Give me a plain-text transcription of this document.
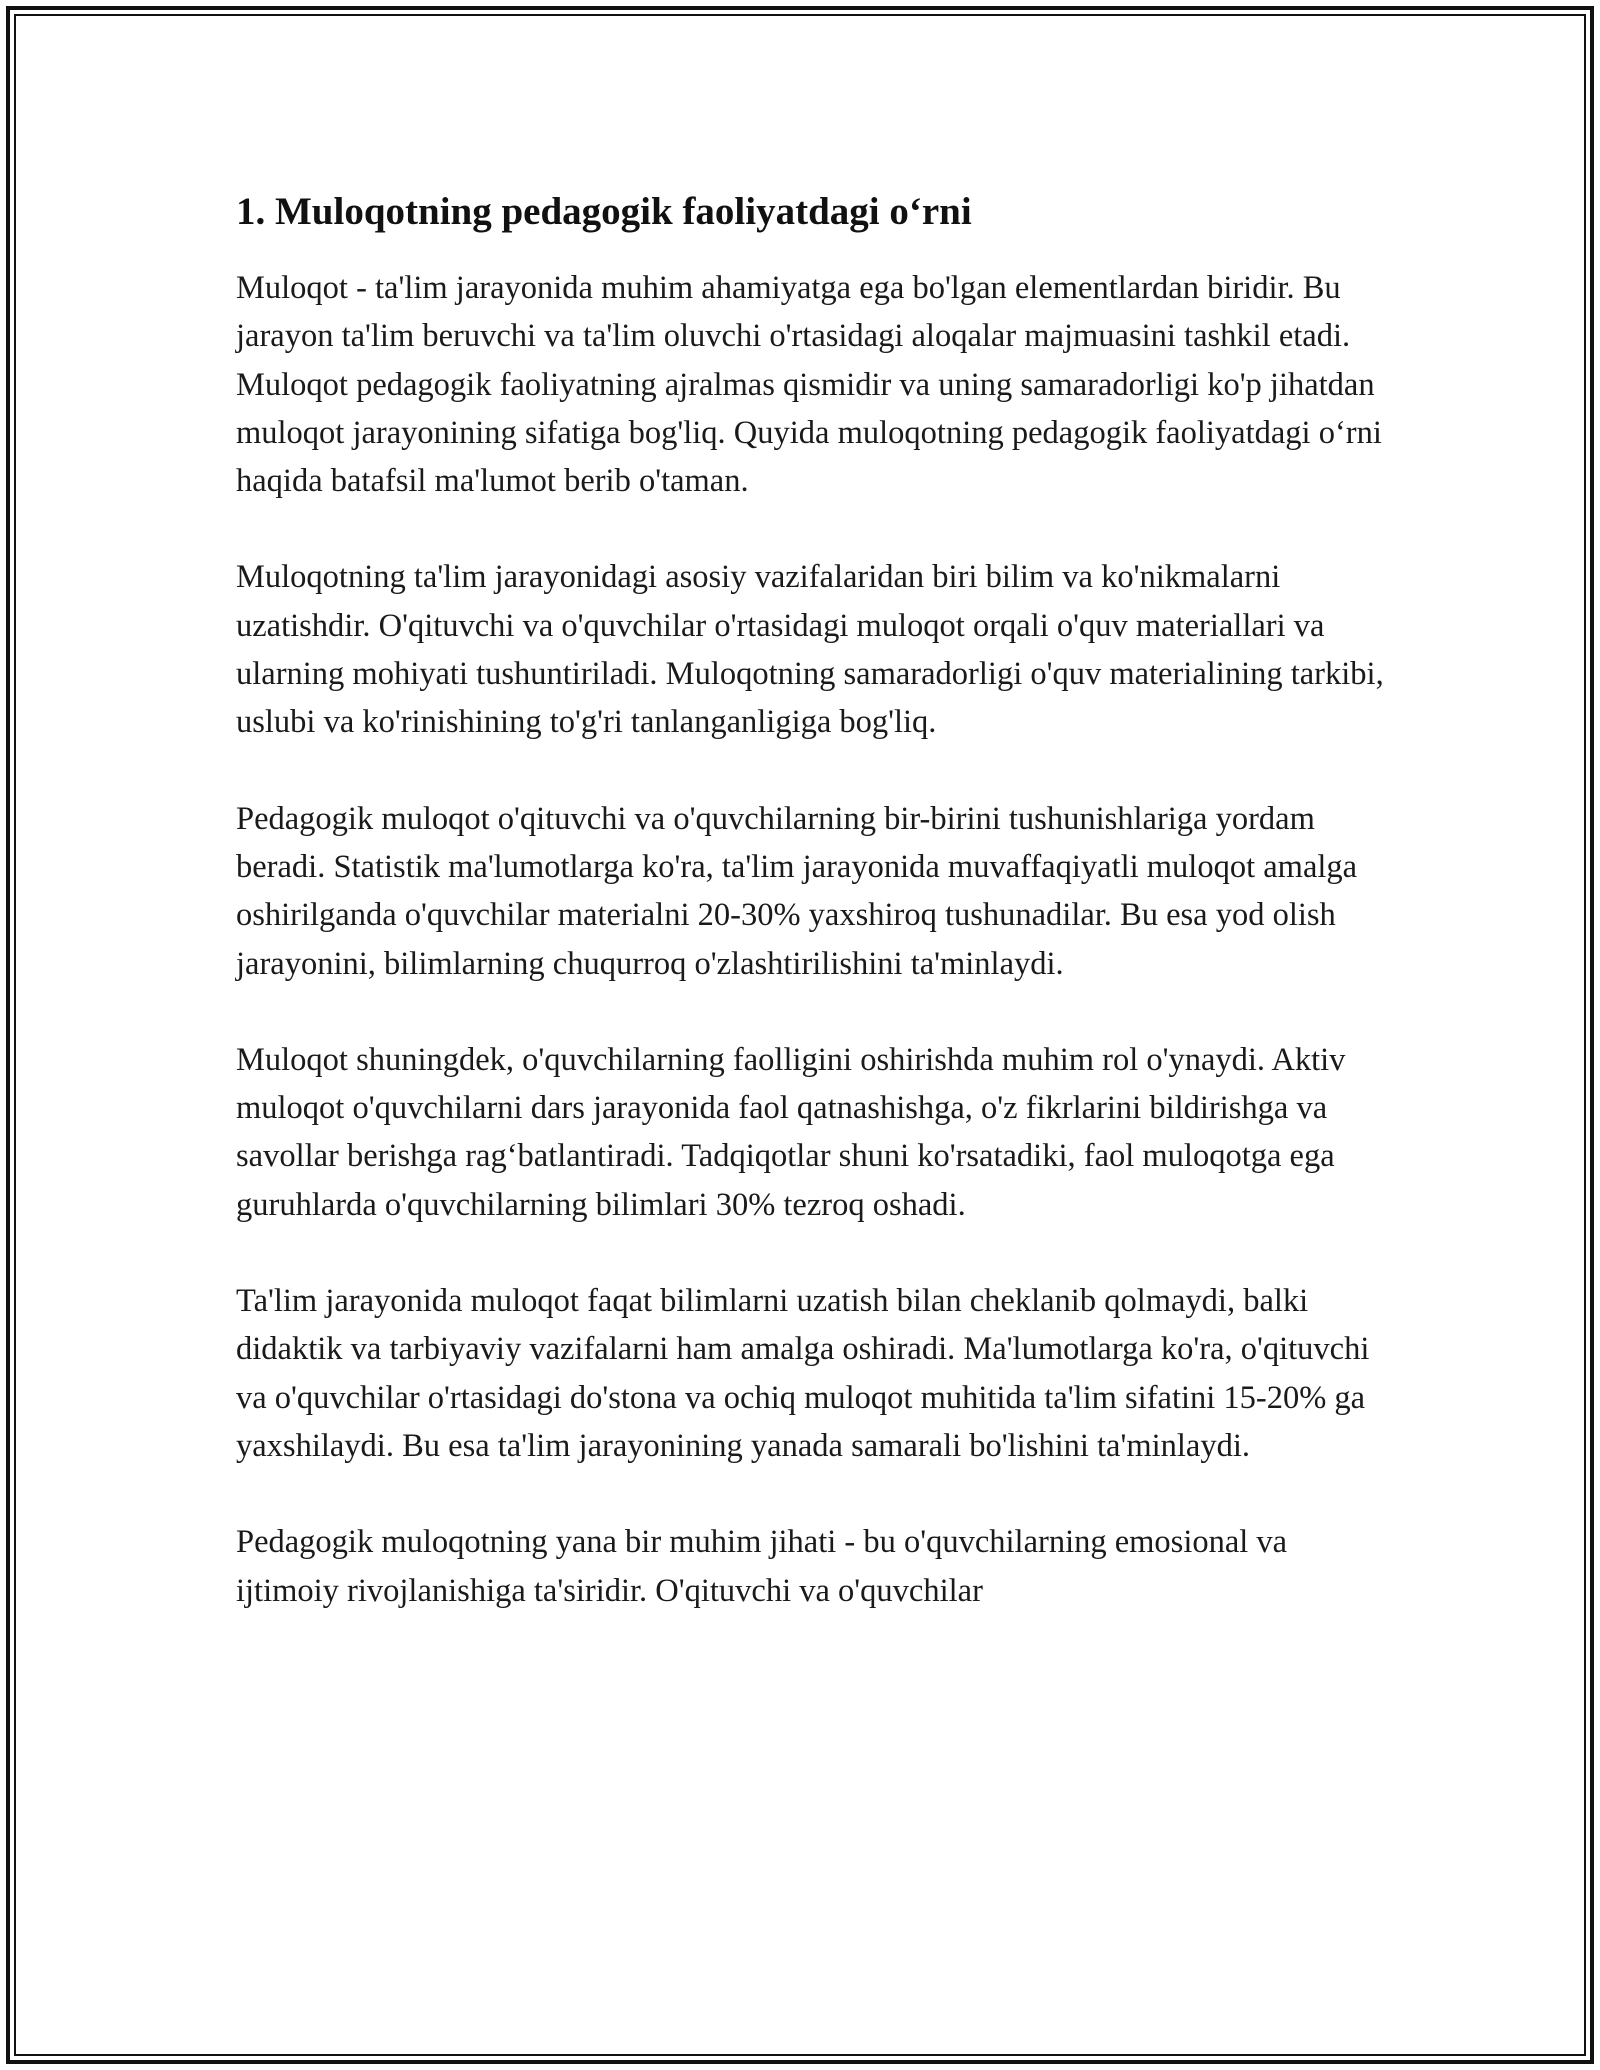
1. Muloqotning pedagogik faoliyatdagi o‘rni

Muloqot - ta'lim jarayonida muhim ahamiyatga ega bo'lgan elementlardan biridir. Bu jarayon ta'lim beruvchi va ta'lim oluvchi o'rtasidagi aloqalar majmuasini tashkil etadi. Muloqot pedagogik faoliyatning ajralmas qismidir va uning samaradorligi ko'p jihatdan muloqot jarayonining sifatiga bog'liq. Quyida muloqotning pedagogik faoliyatdagi o‘rni haqida batafsil ma'lumot berib o'taman.

Muloqotning ta'lim jarayonidagi asosiy vazifalaridan biri bilim va ko'nikmalarni uzatishdir. O'qituvchi va o'quvchilar o'rtasidagi muloqot orqali o'quv materiallari va ularning mohiyati tushuntiriladi. Muloqotning samaradorligi o'quv materialining tarkibi, uslubi va ko'rinishining to'g'ri tanlanganligiga bog'liq.

Pedagogik muloqot o'qituvchi va o'quvchilarning bir-birini tushunishlariga yordam beradi. Statistik ma'lumotlarga ko'ra, ta'lim jarayonida muvaffaqiyatli muloqot amalga oshirilganda o'quvchilar materialni 20-30% yaxshiroq tushunadilar. Bu esa yod olish jarayonini, bilimlarning chuqurroq o'zlashtirilishini ta'minlaydi.

Muloqot shuningdek, o'quvchilarning faolligini oshirishda muhim rol o'ynaydi. Aktiv muloqot o'quvchilarni dars jarayonida faol qatnashishga, o'z fikrlarini bildirishga va savollar berishga rag‘batlantiradi. Tadqiqotlar shuni ko'rsatadiki, faol muloqotga ega guruhlarda o'quvchilarning bilimlari 30% tezroq oshadi.

Ta'lim jarayonida muloqot faqat bilimlarni uzatish bilan cheklanib qolmaydi, balki didaktik va tarbiyaviy vazifalarni ham amalga oshiradi. Ma'lumotlarga ko'ra, o'qituvchi va o'quvchilar o'rtasidagi do'stona va ochiq muloqot muhitida ta'lim sifatini 15-20% ga yaxshilaydi. Bu esa ta'lim jarayonining yanada samarali bo'lishini ta'minlaydi.

Pedagogik muloqotning yana bir muhim jihati - bu o'quvchilarning emosional va ijtimoiy rivojlanishiga ta'siridir. O'qituvchi va o'quvchilar
